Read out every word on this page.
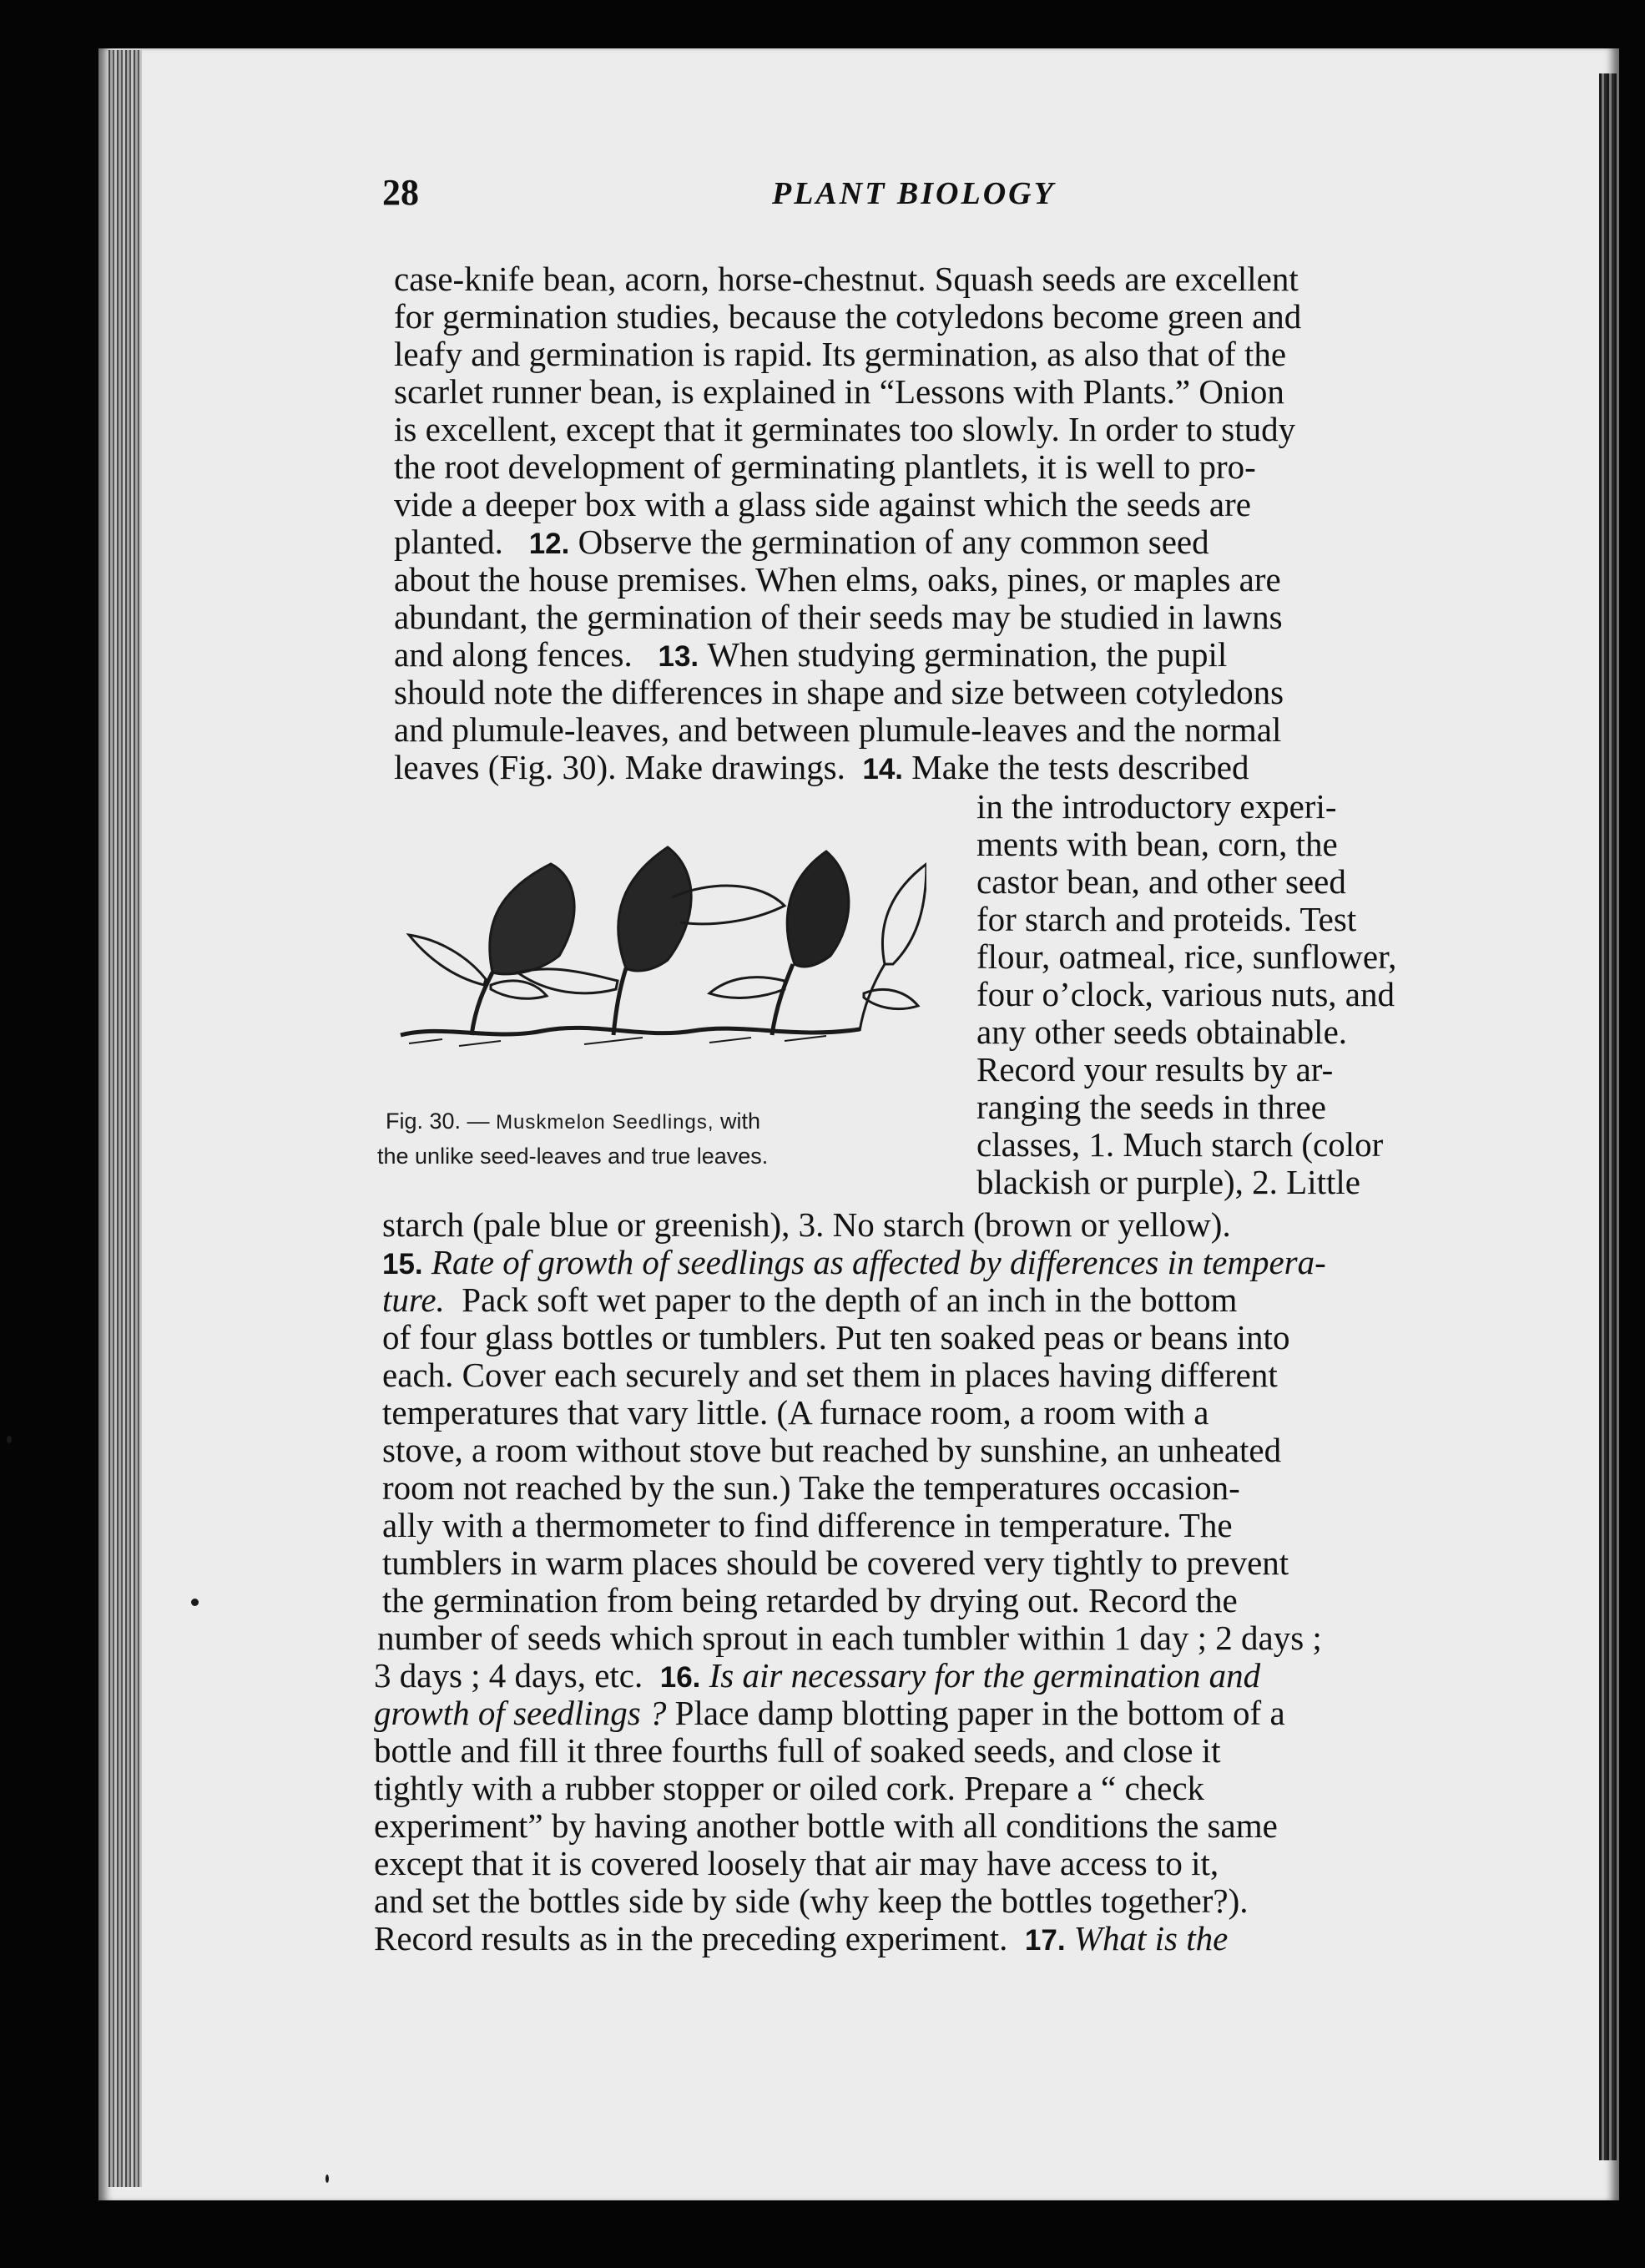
28	PLANT BIOLOGY
case-knife bean, acorn, horse-chestnut. Squash seeds are excellent
for germination studies, because the cotyledons become green and
leafy and germination is rapid. Its germination, as also that of the
scarlet runner bean, is explained in “Lessons with Plants.” Onion
is excellent, except that it germinates too slowly. In order to study
the root development of germinating plantlets, it is well to pro-
vide a deeper box with a glass side against which the seeds are
planted. 12. Observe the germination of any common seed
about the house premises. When elms, oaks, pines, or maples are
abundant, the germination of their seeds may be studied in lawns
and along fences. 13. When studying germination, the pupil
should note the differences in shape and size between cotyledons
and plumule-leaves, and between plumule-leaves and the normal
leaves (Fig. 30). Make drawings. 14. Make the tests described
in the introductory experi-
ments with bean, corn, the
castor bean, and other seed
for starch and proteids. Test
flour, oatmeal, rice, sunflower,
four o’clock, various nuts, and
any other seeds obtainable.
Record your results by ar-
ranging the seeds in three
classes, 1. Much starch (color
blackish or purple), 2. Little
Fig. 30. — Muskmelon Seedlings, with
the unlike seed-leaves and true leaves.
starch (pale blue or greenish), 3. No starch (brown or yellow).
15. Rate of growth of seedlings as affected by differences in tempera-
ture. Pack soft wet paper to the depth of an inch in the bottom
of four glass bottles or tumblers. Put ten soaked peas or beans into
each. Cover each securely and set them in places having different
temperatures that vary little. (A furnace room, a room with a
stove, a room without stove but reached by sunshine, an unheated
room not reached by the sun.) Take the temperatures occasion-
ally with a thermometer to find difference in temperature. The
tumblers in warm places should be covered very tightly to prevent
the germination from being retarded by drying out. Record the
number of seeds which sprout in each tumbler within 1 day ; 2 days ;
3 days ; 4 days, etc. 16. Is air necessary for the germination and
growth of seedlings ? Place damp blotting paper in the bottom of a
bottle and fill it three fourths full of soaked seeds, and close it
tightly with a rubber stopper or oiled cork. Prepare a “ check
experiment” by having another bottle with all conditions the same
except that it is covered loosely that air may have access to it,
and set the bottles side by side (why keep the bottles together?).
Record results as in the preceding experiment. 17. What is the
